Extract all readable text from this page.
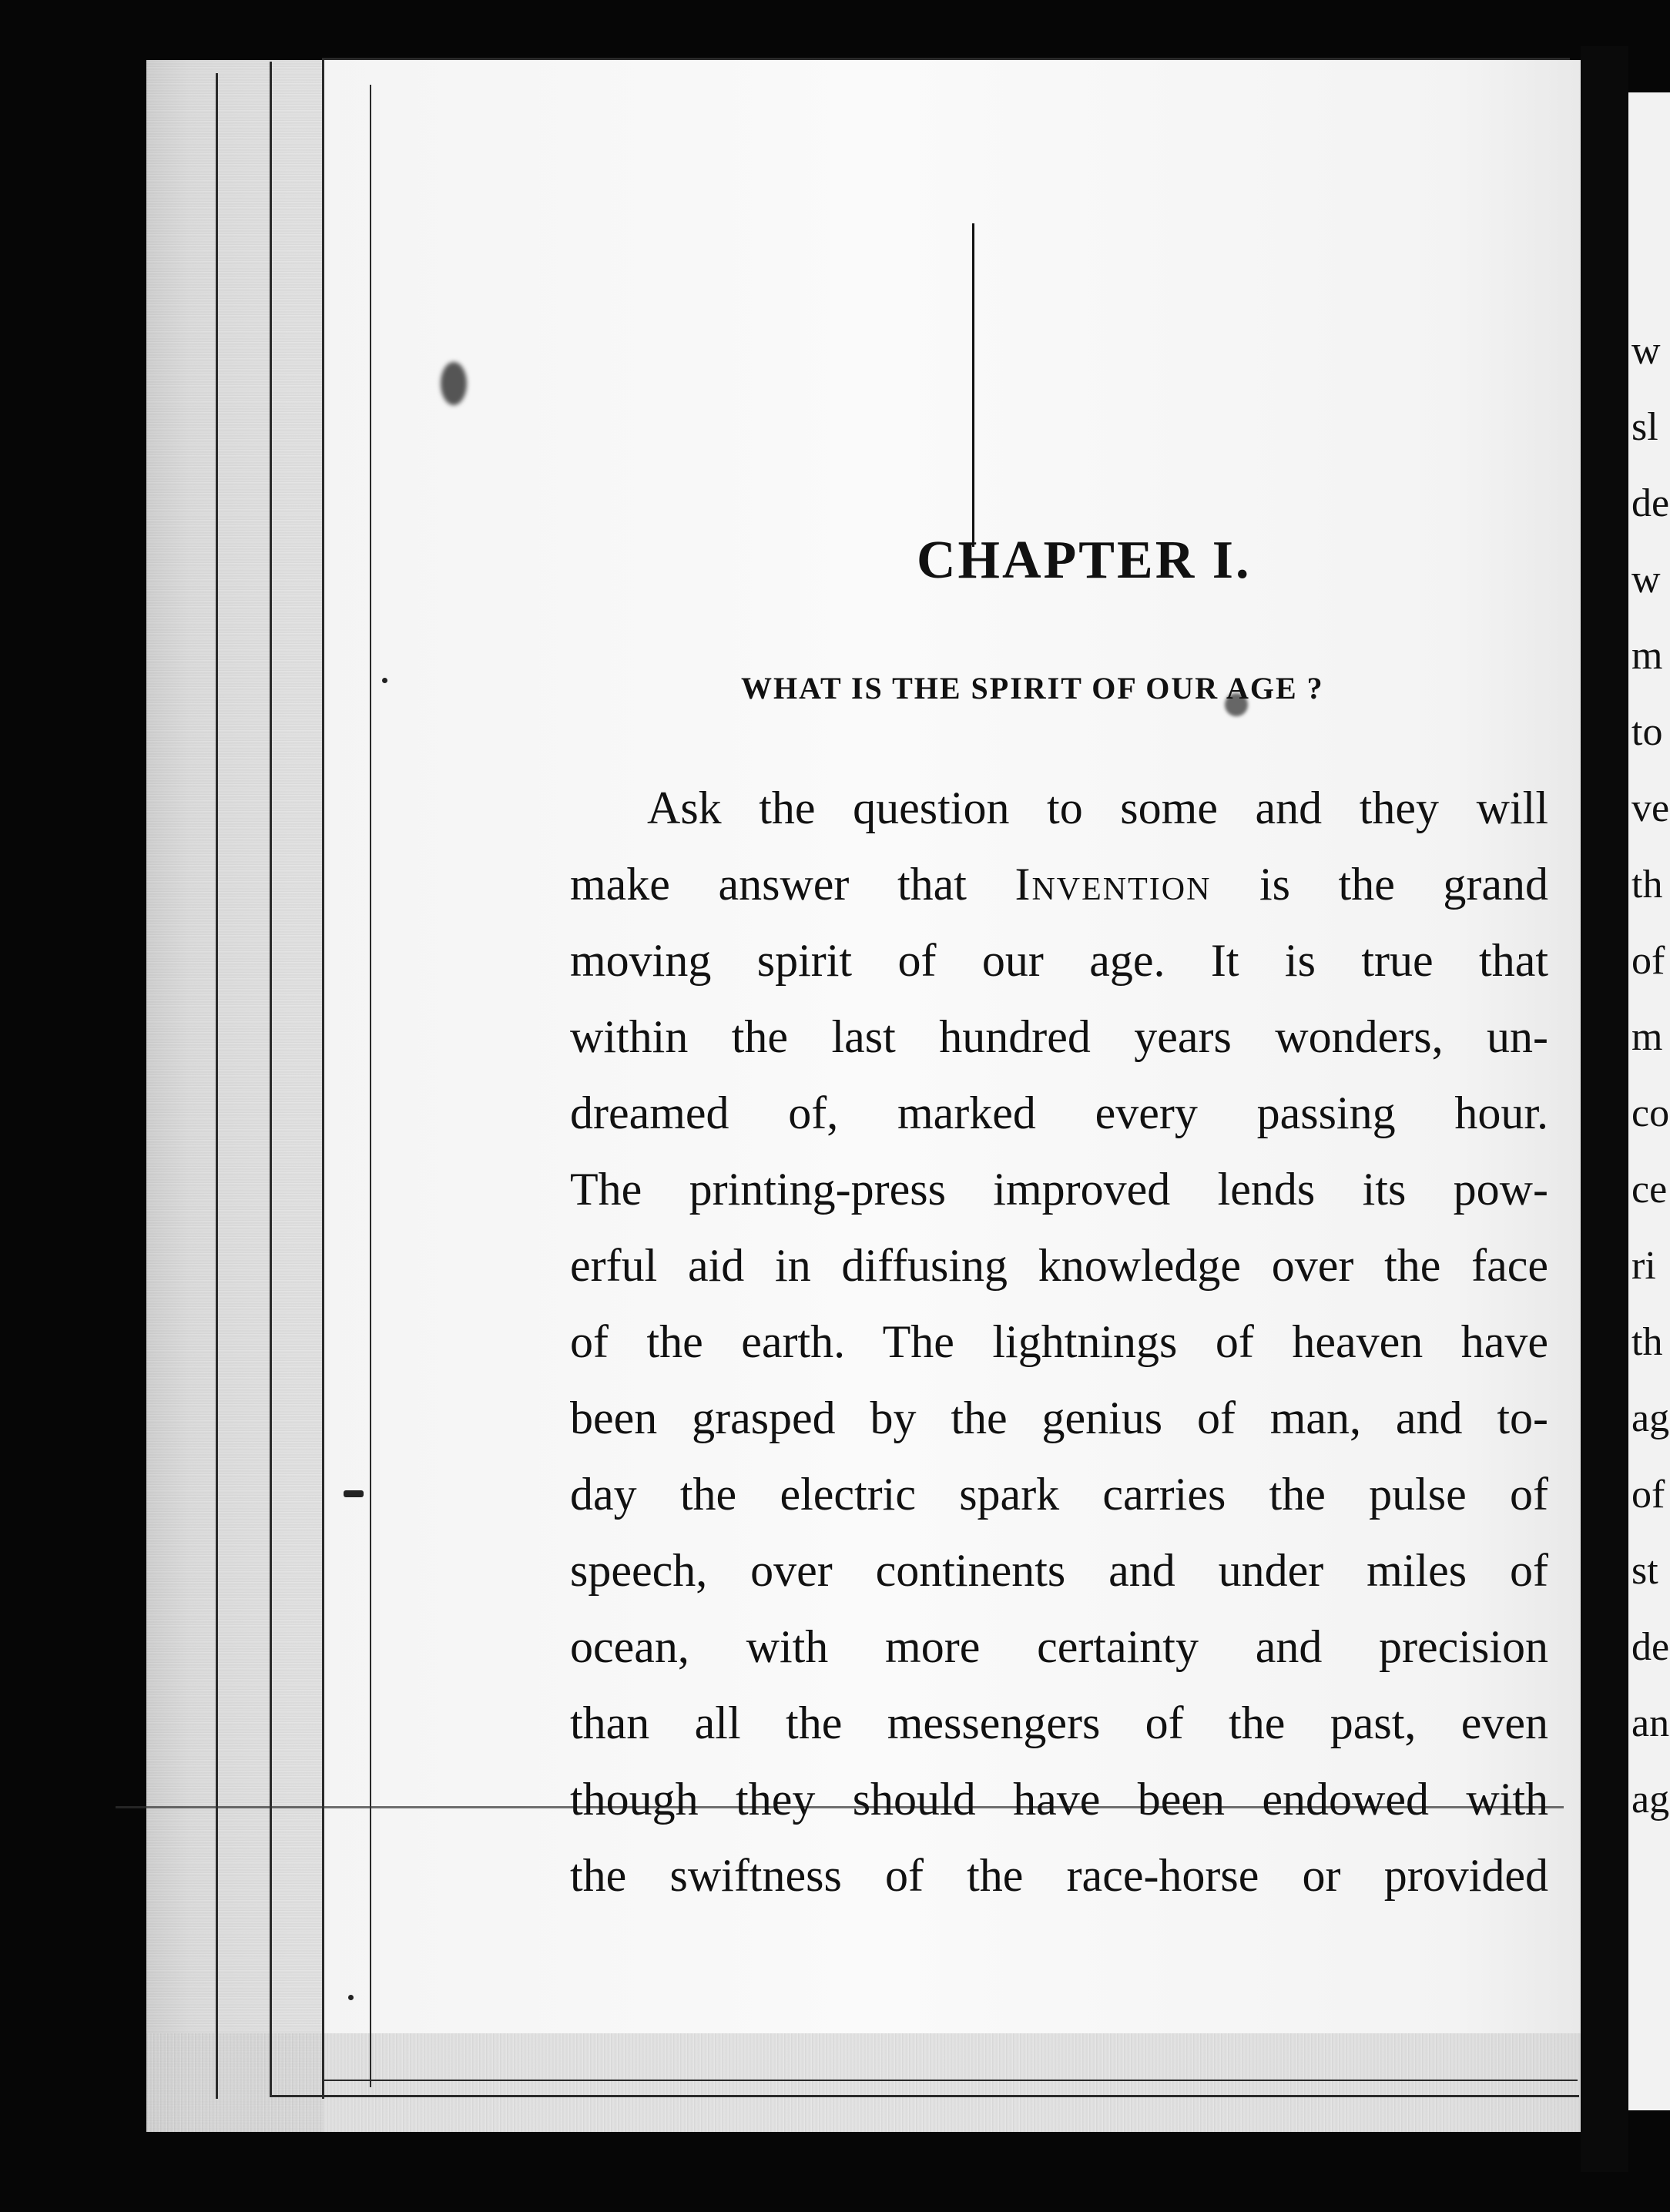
w
sl
de
w
m
to
ve
th
of
m
co
ce
ri
th
ag
of
st
de
an
ag
CHAPTER I.
WHAT IS THE SPIRIT OF OUR AGE ?
Ask the question to some and they will
make answer that Invention is the grand
moving spirit of our age. It is true that
within the last hundred years wonders, un-
dreamed of, marked every passing hour.
The printing-press improved lends its pow-
erful aid in diffusing knowledge over the face
of the earth. The lightnings of heaven have
been grasped by the genius of man, and to-
day the electric spark carries the pulse of
speech, over continents and under miles of
ocean, with more certainty and precision
than all the messengers of the past, even
though they should have been endowed with
the swiftness of the race-horse or provided
